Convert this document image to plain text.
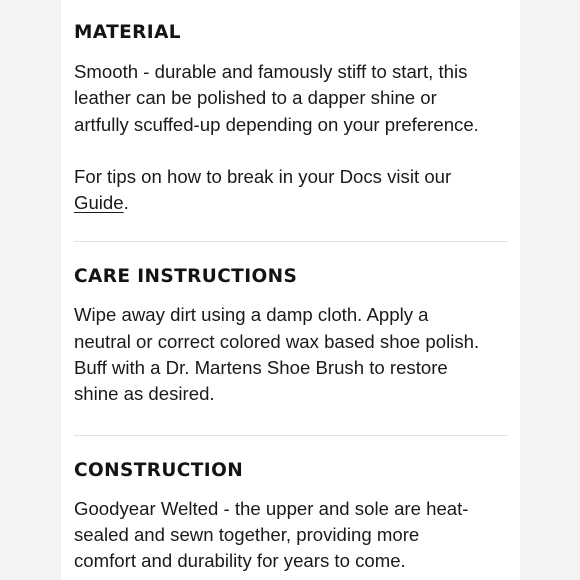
MATERIAL

Smooth - durable and famously stiff to start, this
leather can be polished to a dapper shine or
artfully scuffed-up depending on your preference.

For tips on how to break in your Docs visit our
Guide.

CARE INSTRUCTIONS

Wipe away dirt using a damp cloth. Apply a
neutral or correct colored wax based shoe polish.
Buff with a Dr. Martens Shoe Brush to restore
shine as desired.

CONSTRUCTION

Goodyear Welted - the upper and sole are heat-
sealed and sewn together, providing more
comfort and durability for years to come.
